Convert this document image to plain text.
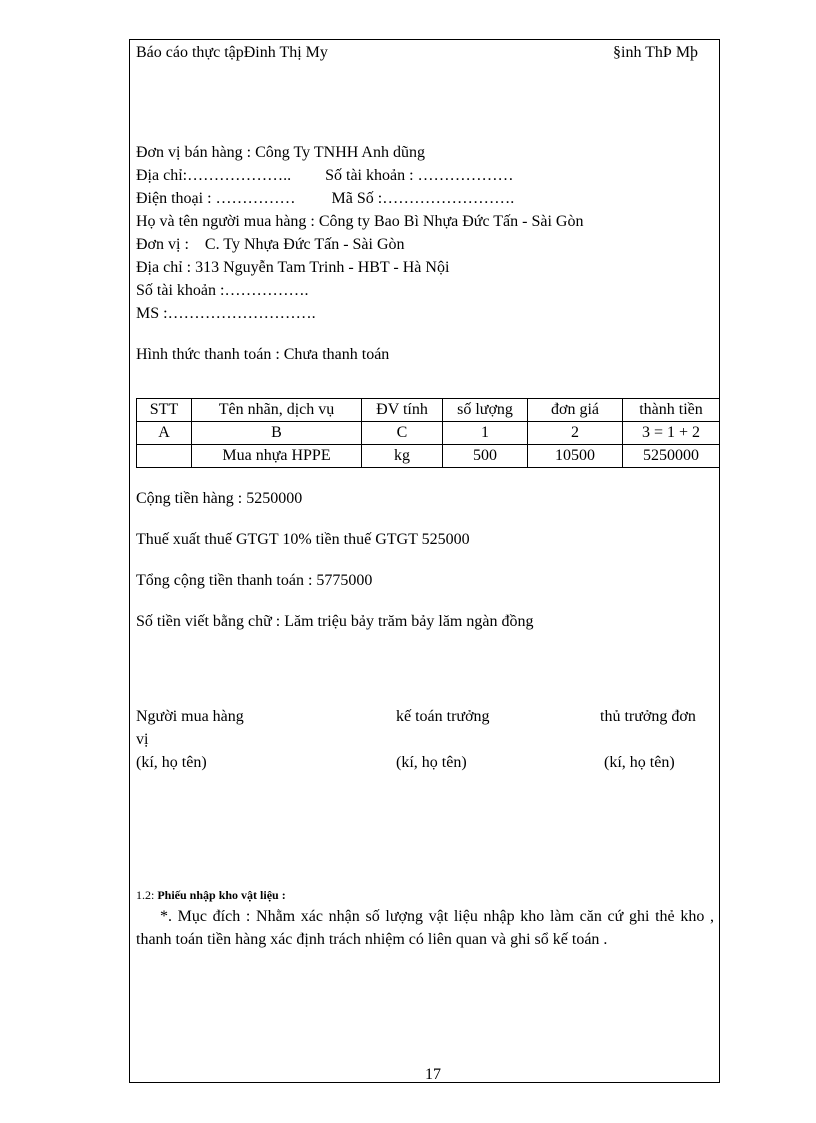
Báo cáo thực tậpĐinh Thị My	§inh ThÞ Mþ
Đơn vị bán hàng : Công Ty TNHH Anh dũng
Địa chỉ:……………….. Số tài khoản : ………………
Điện thoại : …………… Mã Số :…………………….
Họ và tên người mua hàng : Công ty Bao Bì Nhựa Đức Tấn - Sài Gòn
Đơn vị :    C. Ty Nhựa Đức Tấn - Sài Gòn
Địa chỉ : 313 Nguyễn Tam Trinh - HBT - Hà Nội
Số tài khoản :…………….
MS :……………………….
Hình thức thanh toán : Chưa thanh toán
STT	Tên nhãn, dịch vụ	ĐV tính	số lượng	đơn giá	thành tiền
A	B	C	1	2	3 = 1 + 2
	Mua nhựa HPPE	kg	500	10500	5250000
Cộng tiền hàng : 5250000
Thuế xuất thuế GTGT 10% tiền thuế GTGT 525000
Tổng cộng tiền thanh toán : 5775000
Số tiền viết bằng chữ : Lăm triệu bảy trăm bảy lăm ngàn đồng
Người mua hàng	kế toán trưởng	thủ trưởng đơn
vị
(kí, họ tên)	(kí, họ tên)	(kí, họ tên)
1.2: Phiếu nhập kho vật liệu :
*. Mục đích : Nhằm xác nhận số lượng vật liệu nhập kho làm căn cứ ghi thẻ kho , thanh toán tiền hàng xác định trách nhiệm có liên quan và ghi sổ kế toán .
17
